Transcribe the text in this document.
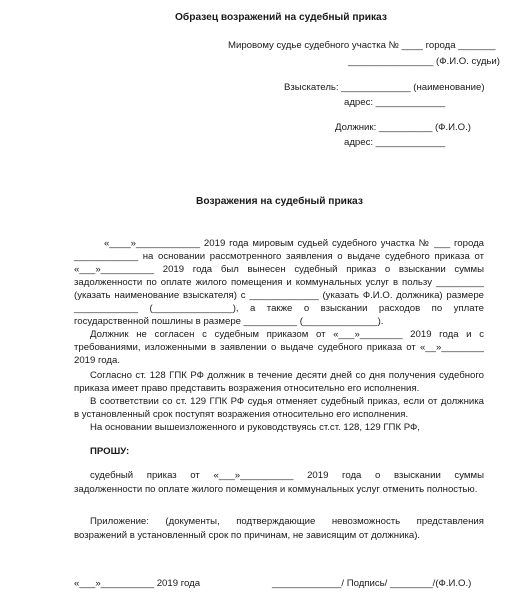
Образец возражений на судебный приказ
Мировому судье судебного участка № ____ города _______
________________ (Ф.И.О. судьи)
Взыскатель: _____________ (наименование)
адрес: _____________
Должник: __________ (Ф.И.О.)
адрес: _____________
Возражения на судебный приказ
«____»____________ 2019 года мировым судьей судебного участка № ___ города
____________ на основании рассмотренного заявления о выдаче судебного приказа от
«___»__________ 2019 года был вынесен судебный приказ о взыскании суммы
задолженности по оплате жилого помещения и коммунальных услуг в пользу _________
(указать наименование взыскателя) с _____________ (указать Ф.И.О. должника) размере
____________ (_______________), а также о взыскании расходов по уплате
государственной пошлины в размере __________ (______________).
Должник не согласен с судебным приказом от «___»________ 2019 года и с
требованиями, изложенными в заявлении о выдаче судебного приказа от «__»________
2019 года.
Согласно ст. 128 ГПК РФ должник в течение десяти дней со дня получения судебного
приказа имеет право представить возражения относительно его исполнения.
В соответствии со ст. 129 ГПК РФ судья отменяет судебный приказ, если от должника
в установленный срок поступят возражения относительно его исполнения.
На основании вышеизложенного и руководствуясь ст.ст. 128, 129 ГПК РФ,
ПРОШУ:
судебный приказ от «___»__________ 2019 года о взыскании суммы
задолженности по оплате жилого помещения и коммунальных услуг отменить полностью.
Приложение: (документы, подтверждающие невозможность представления
возражений в установленный срок по причинам, не зависящим от должника).
«___»__________ 2019 года	_____________/ Подпись/ ________/(Ф.И.О.)
